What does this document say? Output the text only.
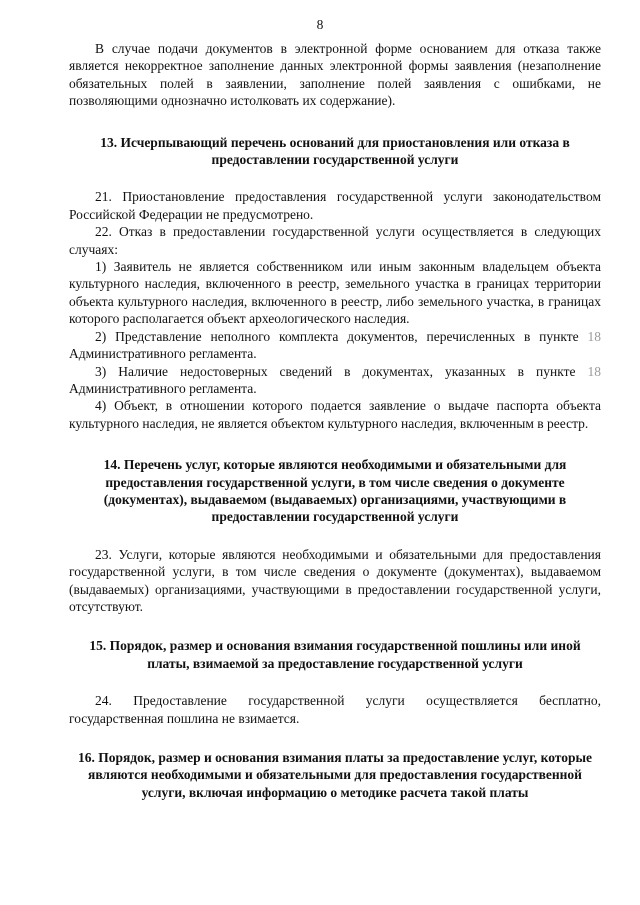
8

В случае подачи документов в электронной форме основанием для отказа также является некорректное заполнение данных электронной формы заявления (незаполнение обязательных полей в заявлении, заполнение полей заявления с ошибками, не позволяющими однозначно истолковать их содержание).

13. Исчерпывающий перечень оснований для приостановления или отказа в предоставлении государственной услуги

21. Приостановление предоставления государственной услуги законодательством Российской Федерации не предусмотрено.

22. Отказ в предоставлении государственной услуги осуществляется в следующих случаях:

1) Заявитель не является собственником или иным законным владельцем объекта культурного наследия, включенного в реестр, земельного участка в границах территории объекта культурного наследия, включенного в реестр, либо земельного участка, в границах которого располагается объект археологического наследия.

2) Представление неполного комплекта документов, перечисленных в пункте 18 Административного регламента.

3) Наличие недостоверных сведений в документах, указанных в пункте 18 Административного регламента.

4) Объект, в отношении которого подается заявление о выдаче паспорта объекта культурного наследия, не является объектом культурного наследия, включенным в реестр.

14. Перечень услуг, которые являются необходимыми и обязательными для предоставления государственной услуги, в том числе сведения о документе (документах), выдаваемом (выдаваемых) организациями, участвующими в предоставлении государственной услуги

23. Услуги, которые являются необходимыми и обязательными для предоставления государственной услуги, в том числе сведения о документе (документах), выдаваемом (выдаваемых) организациями, участвующими в предоставлении государственной услуги, отсутствуют.

15. Порядок, размер и основания взимания государственной пошлины или иной платы, взимаемой за предоставление государственной услуги

24. Предоставление государственной услуги осуществляется бесплатно, государственная пошлина не взимается.

16. Порядок, размер и основания взимания платы за предоставление услуг, которые являются необходимыми и обязательными для предоставления государственной услуги, включая информацию о методике расчета такой платы
